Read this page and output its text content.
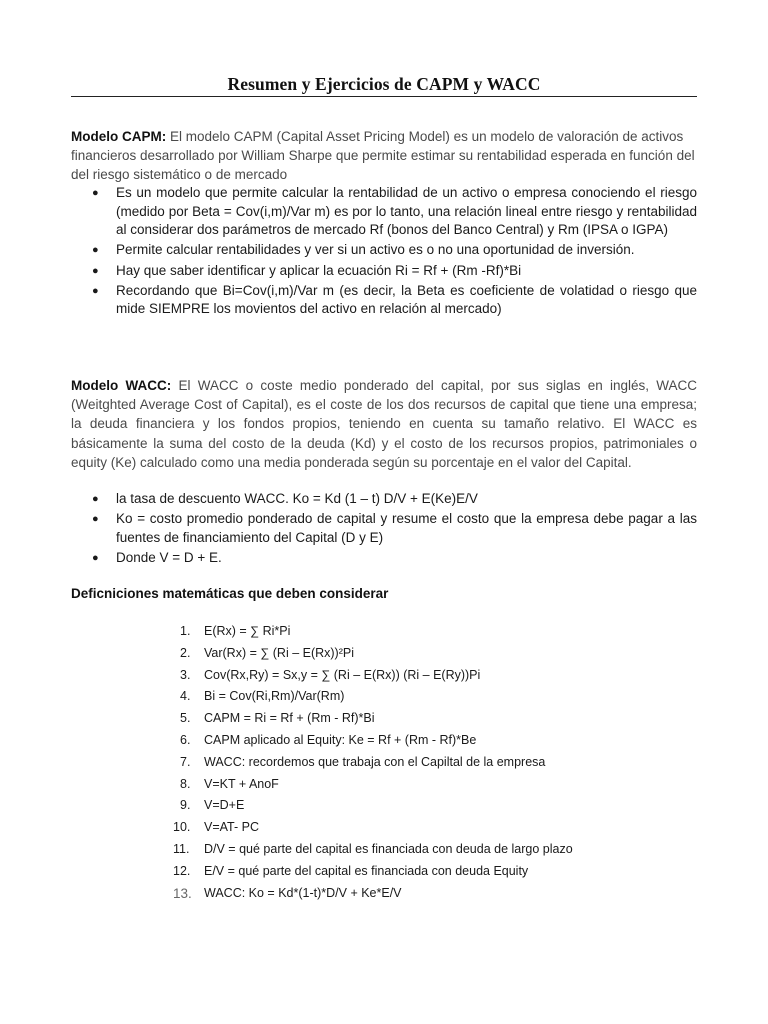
Resumen y Ejercicios de CAPM y WACC
Modelo CAPM: El modelo CAPM (Capital Asset Pricing Model) es un modelo de valoración de activos financieros desarrollado por William Sharpe que permite estimar su rentabilidad esperada en función del del riesgo sistemático o de mercado
● Es un modelo que permite calcular la rentabilidad de un activo o empresa conociendo el riesgo (medido por Beta = Cov(i,m)/Var m) es por lo tanto, una relación lineal entre riesgo y rentabilidad al considerar dos parámetros de mercado Rf (bonos del Banco Central) y Rm (IPSA o IGPA)
● Permite calcular rentabilidades y ver si un activo es o no una oportunidad de inversión.
● Hay que saber identificar y aplicar la ecuación Ri = Rf + (Rm -Rf)*Bi
● Recordando que Bi=Cov(i,m)/Var m (es decir, la Beta es coeficiente de volatidad o riesgo que mide SIEMPRE los movientos del activo en relación al mercado)
Modelo WACC: El WACC o coste medio ponderado del capital, por sus siglas en inglés, WACC (Weitghted Average Cost of Capital), es el coste de los dos recursos de capital que tiene una empresa; la deuda financiera y los fondos propios, teniendo en cuenta su tamaño relativo. El WACC es básicamente la suma del costo de la deuda (Kd) y el costo de los recursos propios, patrimoniales o equity (Ke) calculado como una media ponderada según su porcentaje en el valor del Capital.
● la tasa de descuento WACC. Ko = Kd (1 – t) D/V + E(Ke)E/V
● Ko = costo promedio ponderado de capital y resume el costo que la empresa debe pagar a las fuentes de financiamiento del Capital (D y E)
● Donde V = D + E.
Deficniciones matemáticas que deben considerar
1. E(Rx) = ∑ Ri*Pi
2. Var(Rx) = ∑ (Ri – E(Rx))²Pi
3. Cov(Rx,Ry) = Sx,y = ∑ (Ri – E(Rx)) (Ri – E(Ry))Pi
4. Bi = Cov(Ri,Rm)/Var(Rm)
5. CAPM = Ri = Rf + (Rm - Rf)*Bi
6. CAPM aplicado al Equity: Ke = Rf + (Rm - Rf)*Be
7. WACC: recordemos que trabaja con el Capiltal de la empresa
8. V=KT + AnoF
9. V=D+E
10. V=AT- PC
11. D/V = qué parte del capital es financiada con deuda de largo plazo
12. E/V = qué parte del capital es financiada con deuda Equity
13. WACC: Ko = Kd*(1-t)*D/V + Ke*E/V
